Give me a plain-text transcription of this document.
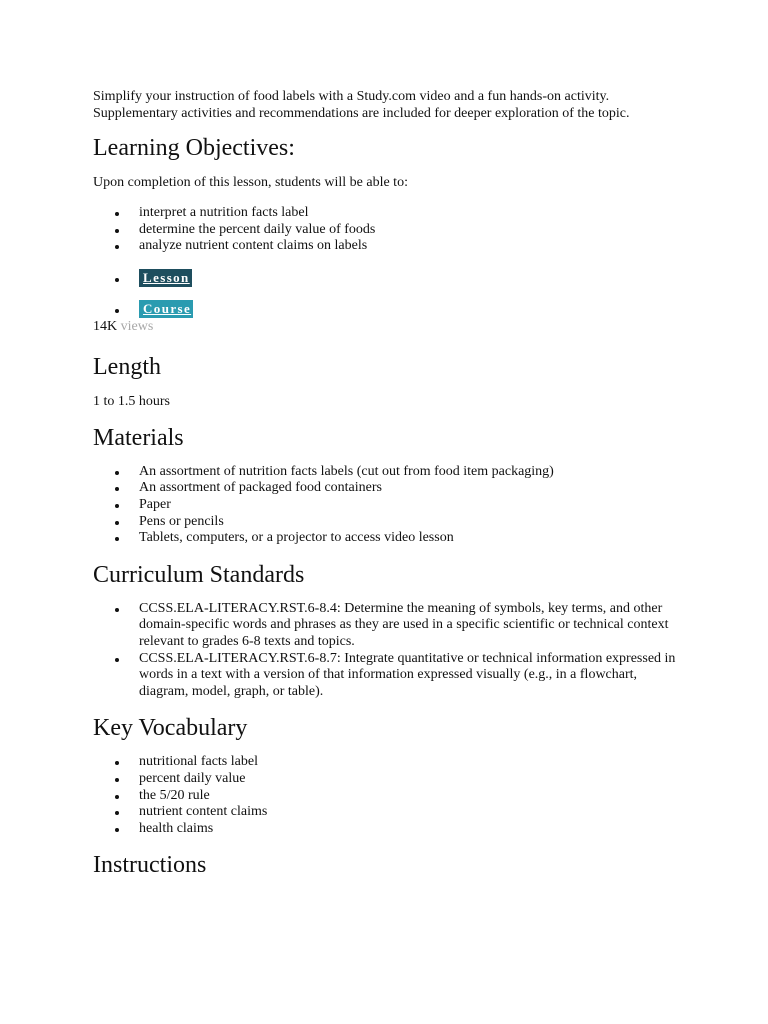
Simplify your instruction of food labels with a Study.com video and a fun hands-on activity. Supplementary activities and recommendations are included for deeper exploration of the topic.

Learning Objectives:

Upon completion of this lesson, students will be able to:

interpret a nutrition facts label
determine the percent daily value of foods
analyze nutrient content claims on labels
Lesson
Course
14K views
Length

1 to 1.5 hours

Materials
An assortment of nutrition facts labels (cut out from food item packaging)
An assortment of packaged food containers
Paper
Pens or pencils
Tablets, computers, or a projector to access video lesson
Curriculum Standards
CCSS.ELA-LITERACY.RST.6-8.4: Determine the meaning of symbols, key terms, and other domain-specific words and phrases as they are used in a specific scientific or technical context relevant to grades 6-8 texts and topics.
CCSS.ELA-LITERACY.RST.6-8.7: Integrate quantitative or technical information expressed in words in a text with a version of that information expressed visually (e.g., in a flowchart, diagram, model, graph, or table).
Key Vocabulary
nutritional facts label
percent daily value
the 5/20 rule
nutrient content claims
health claims
Instructions
